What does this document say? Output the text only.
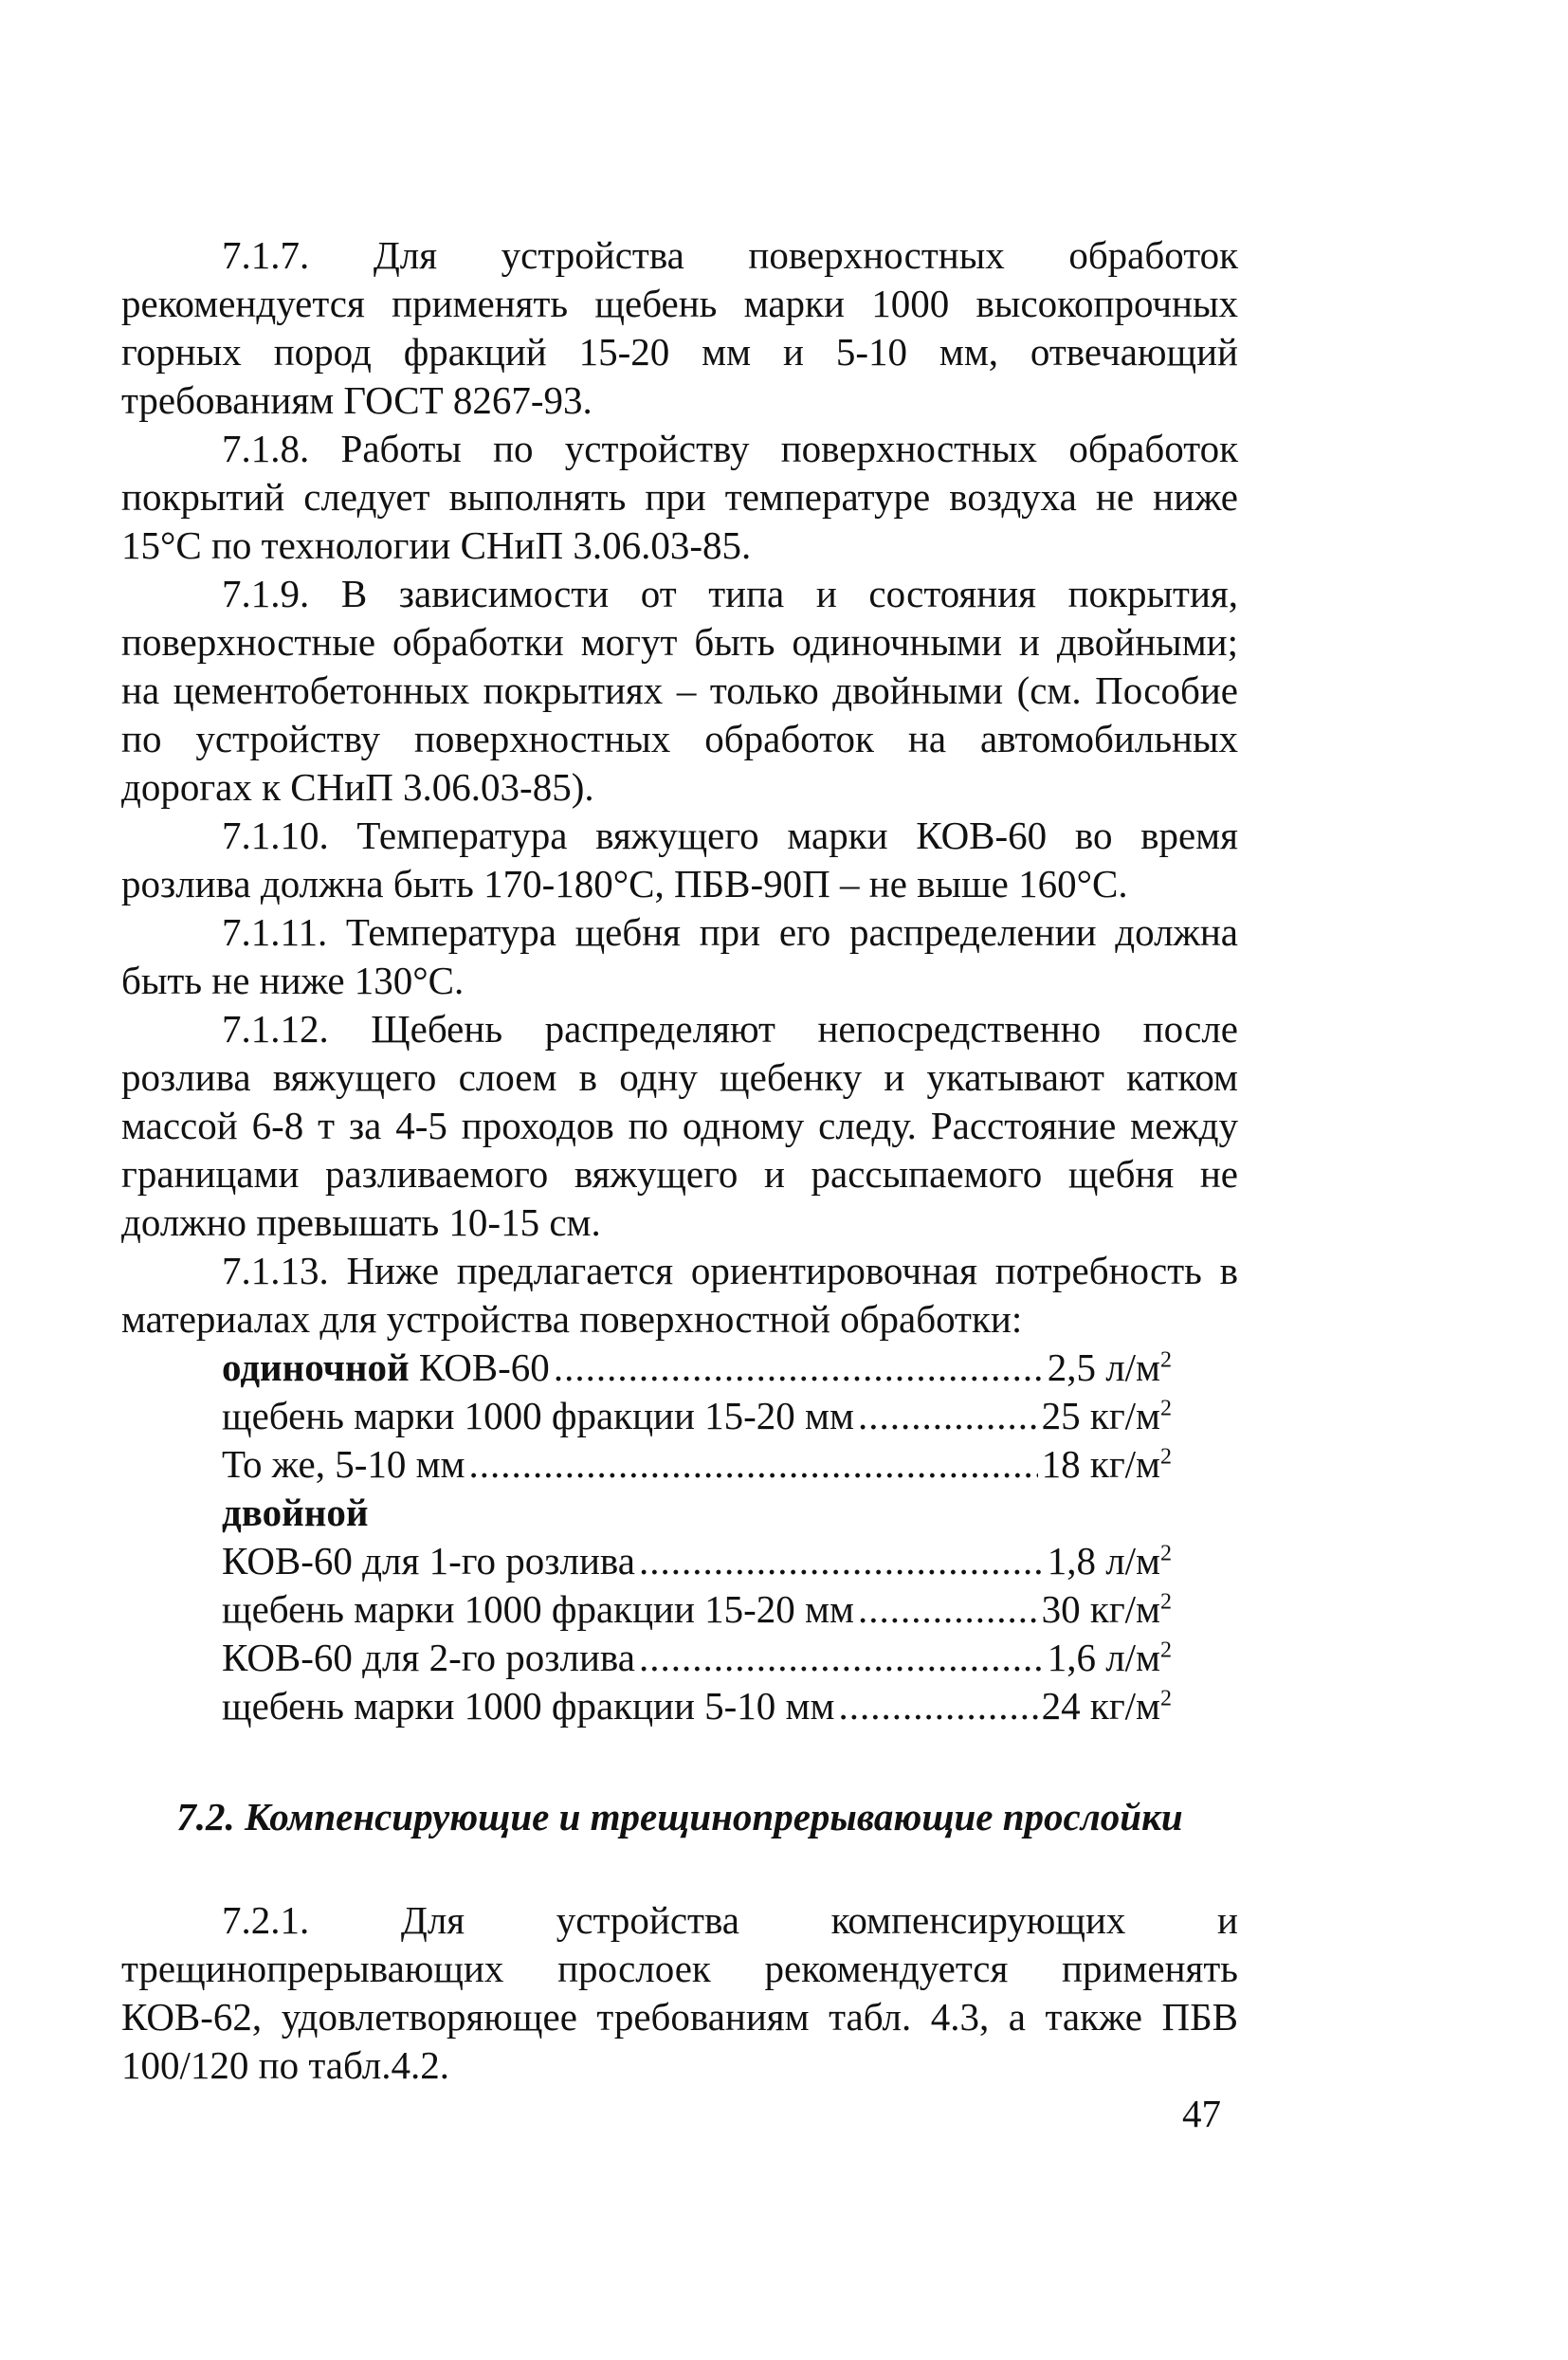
7.1.7. Для устройства поверхностных обработок рекомендуется применять щебень марки 1000 высокопрочных горных пород фракций 15-20 мм и 5-10 мм, отвечающий требованиям ГОСТ 8267-93.

7.1.8. Работы по устройству поверхностных обработок покрытий следует выполнять при температуре воздуха не ниже 15°С по технологии СНиП 3.06.03-85.

7.1.9. В зависимости от типа и состояния покрытия, поверхностные обработки могут быть одиночными и двойными; на цементобетонных покрытиях – только двойными (см. Пособие по устройству поверхностных обработок на автомобильных дорогах к СНиП 3.06.03-85).

7.1.10. Температура вяжущего марки КОВ-60 во время розлива должна быть 170-180°С, ПБВ-90П – не выше 160°С.

7.1.11. Температура щебня при его распределении должна быть не ниже 130°С.

7.1.12. Щебень распределяют непосредственно после розлива вяжущего слоем в одну щебенку и укатывают катком массой 6-8 т за 4-5 проходов по одному следу. Расстояние между границами разливаемого вяжущего и рассыпаемого щебня не должно превышать 10-15 см.

7.1.13. Ниже предлагается ориентировочная потребность в материалах для устройства поверхностной обработки:

одиночной КОВ-60 .....	2,5 $л/м^2$
щебень марки 1000 фракции 15-20 мм .....	25 $кг/м^2$
То же, 5-10 мм .....	18 $кг/м^2$
двойной
КОВ-60 для 1-го розлива .....	1,8 $л/м^2$
щебень марки 1000 фракции 15-20 мм .....	30 $кг/м^2$
КОВ-60 для 2-го розлива .....	1,6 $л/м^2$
щебень марки 1000 фракции 5-10 мм .....	24 $кг/м^2$
7.2. Компенсирующие и трещинопрерывающие прослойки

7.2.1. Для устройства компенсирующих и трещинопрерывающих прослоек рекомендуется применять КОВ-62, удовлетворяющее требованиям табл. 4.3, а также ПБВ 100/120 по табл.4.2.

47
